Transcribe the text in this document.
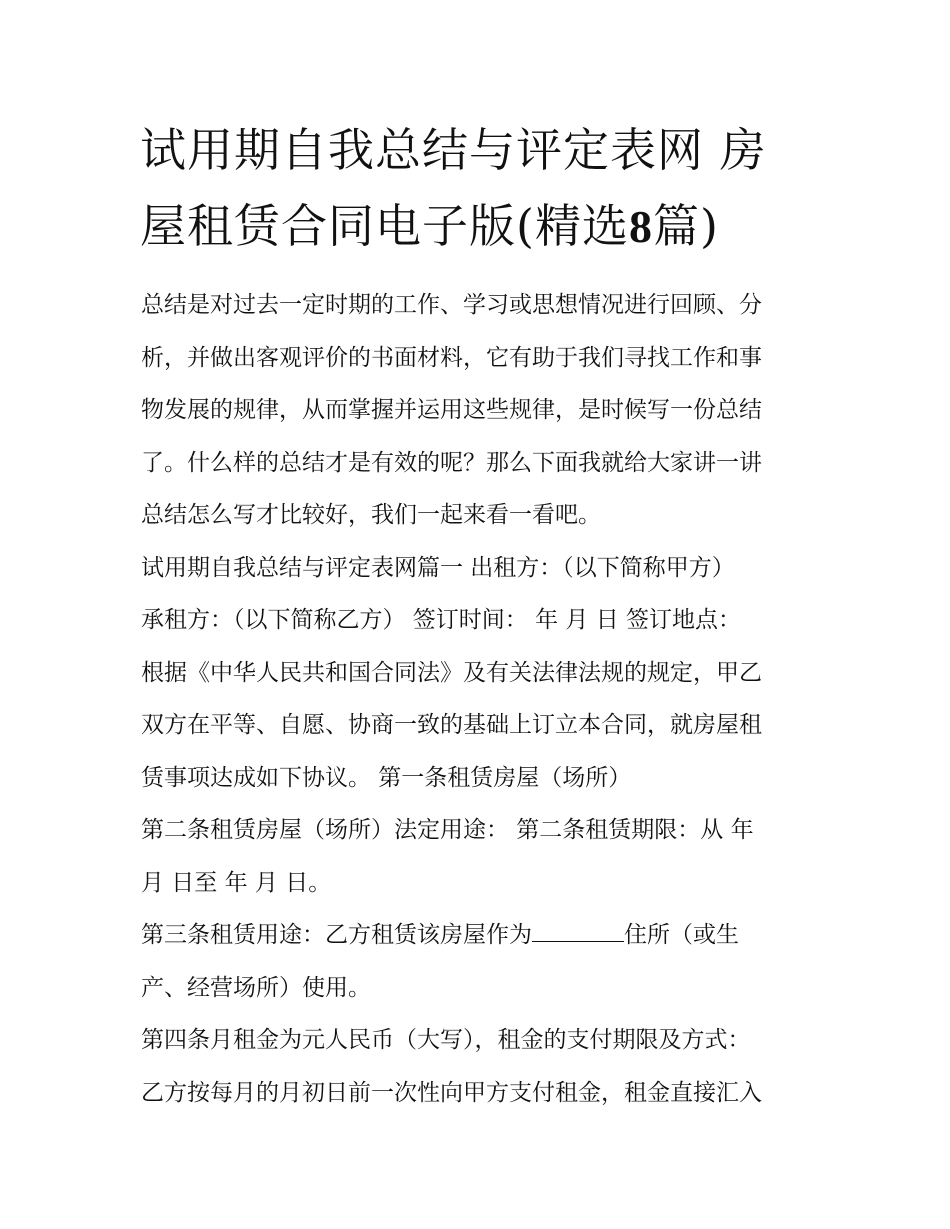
试用期自我总结与评定表网 房
屋租赁合同电子版(精选8篇)

总结是对过去一定时期的工作、学习或思想情况进行回顾、分
析，并做出客观评价的书面材料，它有助于我们寻找工作和事
物发展的规律，从而掌握并运用这些规律，是时候写一份总结
了。什么样的总结才是有效的呢？那么下面我就给大家讲一讲
总结怎么写才比较好，我们一起来看一看吧。

试用期自我总结与评定表网篇一 出租方：（以下简称甲方）
承租方：（以下简称乙方） 签订时间： 年 月 日 签订地点：
根据《中华人民共和国合同法》及有关法律法规的规定，甲乙
双方在平等、自愿、协商一致的基础上订立本合同，就房屋租
赁事项达成如下协议。 第一条租赁房屋（场所）

第二条租赁房屋（场所）法定用途： 第二条租赁期限：从 年
月 日至 年 月 日。

第三条租赁用途：乙方租赁该房屋作为	住所（或生
产、经营场所）使用。

第四条月租金为元人民币（大写），租金的支付期限及方式：
乙方按每月的月初日前一次性向甲方支付租金，租金直接汇入
